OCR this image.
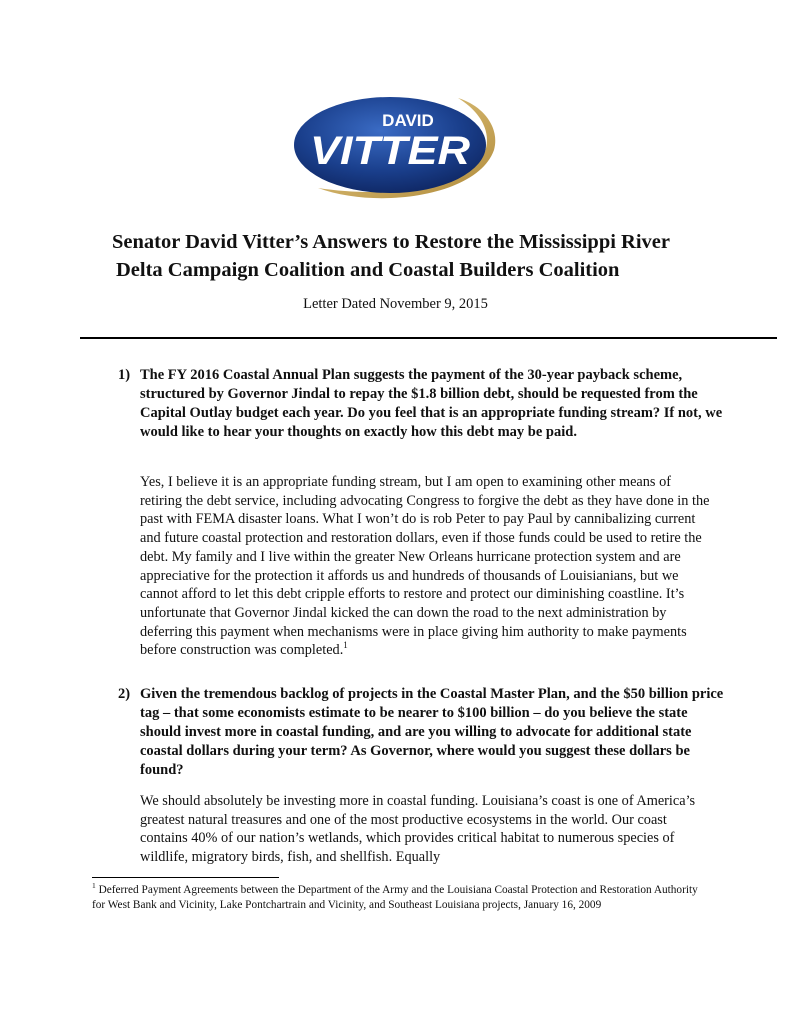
DAVID
VITTER
Senator David Vitter’s Answers to Restore the Mississippi River
Delta Campaign Coalition and Coastal Builders Coalition
Letter Dated November 9, 2015
1) The FY 2016 Coastal Annual Plan suggests the payment of the 30-year payback scheme, structured by Governor Jindal to repay the $1.8 billion debt, should be requested from the Capital Outlay budget each year. Do you feel that is an appropriate funding stream? If not, we would like to hear your thoughts on exactly how this debt may be paid.
Yes, I believe it is an appropriate funding stream, but I am open to examining other means of retiring the debt service, including advocating Congress to forgive the debt as they have done in the past with FEMA disaster loans. What I won’t do is rob Peter to pay Paul by cannibalizing current and future coastal protection and restoration dollars, even if those funds could be used to retire the debt. My family and I live within the greater New Orleans hurricane protection system and are appreciative for the protection it affords us and hundreds of thousands of Louisianians, but we cannot afford to let this debt cripple efforts to restore and protect our diminishing coastline. It’s unfortunate that Governor Jindal kicked the can down the road to the next administration by deferring this payment when mechanisms were in place giving him authority to make payments before construction was completed.$^1$
2) Given the tremendous backlog of projects in the Coastal Master Plan, and the $50 billion price tag – that some economists estimate to be nearer to $100 billion – do you believe the state should invest more in coastal funding, and are you willing to advocate for additional state coastal dollars during your term? As Governor, where would you suggest these dollars be found?
We should absolutely be investing more in coastal funding. Louisiana’s coast is one of America’s greatest natural treasures and one of the most productive ecosystems in the world. Our coast contains 40% of our nation’s wetlands, which provides critical habitat to numerous species of wildlife, migratory birds, fish, and shellfish. Equally
$^1$ Deferred Payment Agreements between the Department of the Army and the Louisiana Coastal Protection and Restoration Authority for West Bank and Vicinity, Lake Pontchartrain and Vicinity, and Southeast Louisiana projects, January 16, 2009
